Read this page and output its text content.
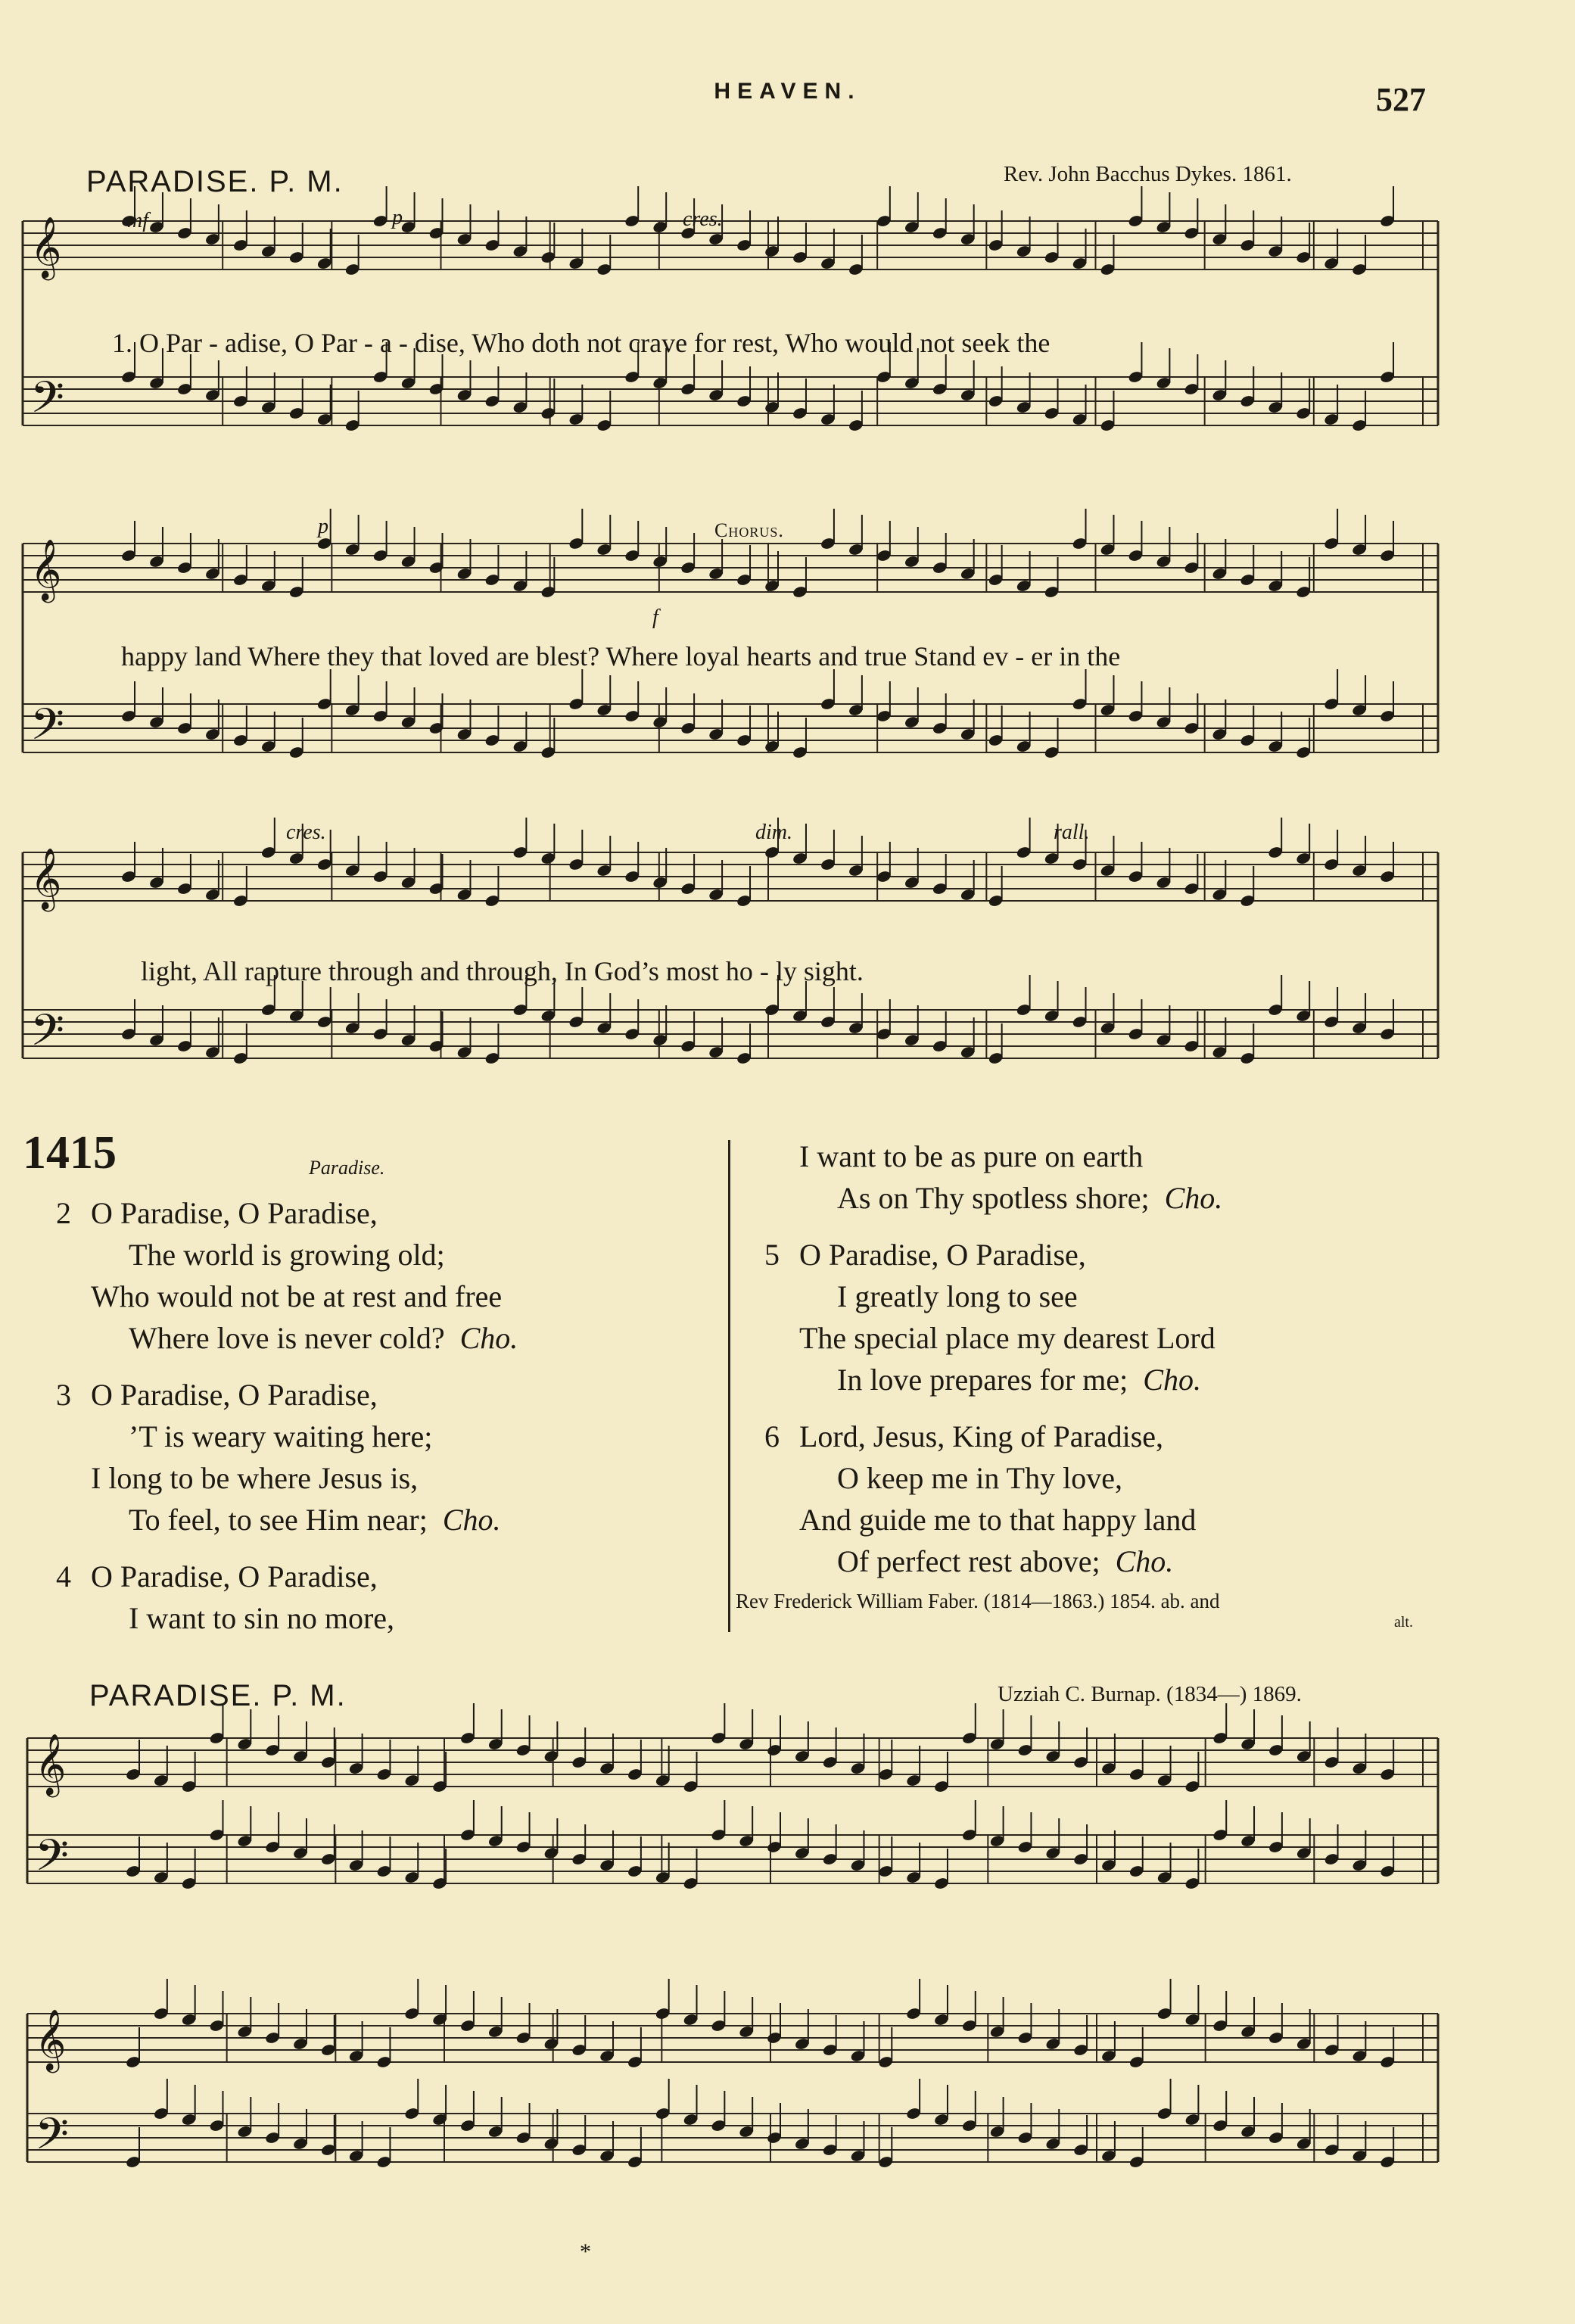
HEAVEN.	527
PARADISE. P. M.	Rev. John Bacchus Dykes. 1861.
𝄞
𝄢
𝄞
𝄢
𝄞
𝄢
𝄞
𝄢
𝄞
𝄢
mf	p	cres.
p	Chorus.
f
cres.	dim.	rall.
1. O Par - adise, O Par - a - dise, Who doth not crave for rest, Who would not seek the
happy land Where they that loved are blest? Where loyal hearts and true Stand ev - er in the
light, All rapture through and through, In God’s most ho - ly sight.
1415	Paradise.
2 O Paradise, O Paradise,
The world is growing old;
Who would not be at rest and free
Where love is never cold?  Cho.
3 O Paradise, O Paradise,
’T is weary waiting here;
I long to be where Jesus is,
To feel, to see Him near;  Cho.
4 O Paradise, O Paradise,
I want to sin no more,
I want to be as pure on earth
As on Thy spotless shore;  Cho.
5 O Paradise, O Paradise,
I greatly long to see
The special place my dearest Lord
In love prepares for me;  Cho.
6 Lord, Jesus, King of Paradise,
O keep me in Thy love,
And guide me to that happy land
Of perfect rest above;  Cho.
Rev Frederick William Faber. (1814—1863.) 1854. ab. and
alt.
PARADISE. P. M.	Uzziah C. Burnap. (1834—) 1869.
*
